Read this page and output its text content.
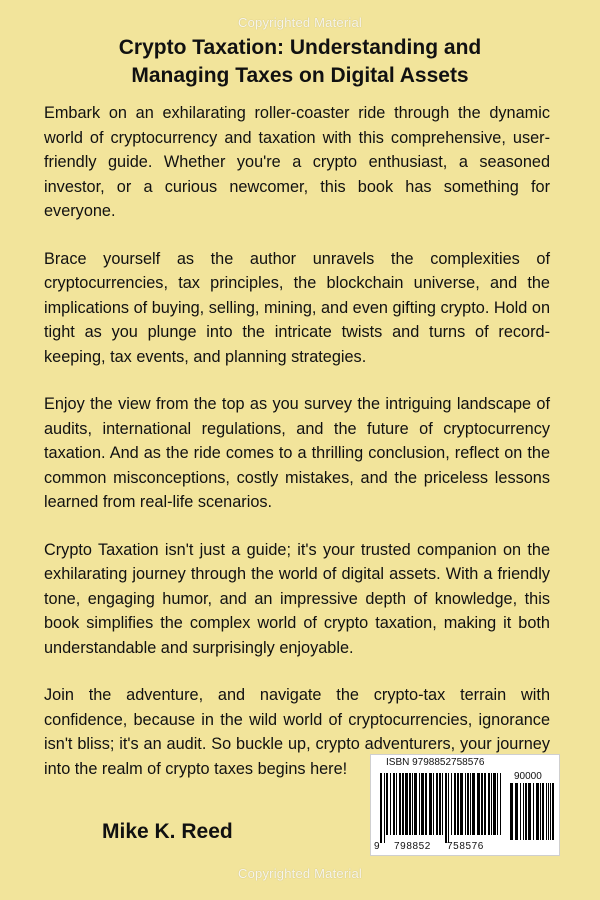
Copyrighted Material
Crypto Taxation: Understanding and
Managing Taxes on Digital Assets

Embark on an exhilarating roller-coaster ride through the dynamic world of cryptocurrency and taxation with this comprehensive, user-friendly guide. Whether you're a crypto enthusiast, a seasoned investor, or a curious newcomer, this book has something for everyone.

Brace yourself as the author unravels the complexities of cryptocurrencies, tax principles, the blockchain universe, and the implications of buying, selling, mining, and even gifting crypto. Hold on tight as you plunge into the intricate twists and turns of record-keeping, tax events, and planning strategies.

Enjoy the view from the top as you survey the intriguing landscape of audits, international regulations, and the future of cryptocurrency taxation. And as the ride comes to a thrilling conclusion, reflect on the common misconceptions, costly mistakes, and the priceless lessons learned from real-life scenarios.

Crypto Taxation isn't just a guide; it's your trusted companion on the exhilarating journey through the world of digital assets. With a friendly tone, engaging humor, and an impressive depth of knowledge, this book simplifies the complex world of crypto taxation, making it both understandable and surprisingly enjoyable.

Join the adventure, and navigate the crypto-tax terrain with confidence, because in the wild world of cryptocurrencies, ignorance isn't bliss; it's an audit. So buckle up, crypto adventurers, your journey into the realm of crypto taxes begins here!

Mike K. Reed
ISBN 9798852758576
90000
9 798852 758576
Copyrighted Material
